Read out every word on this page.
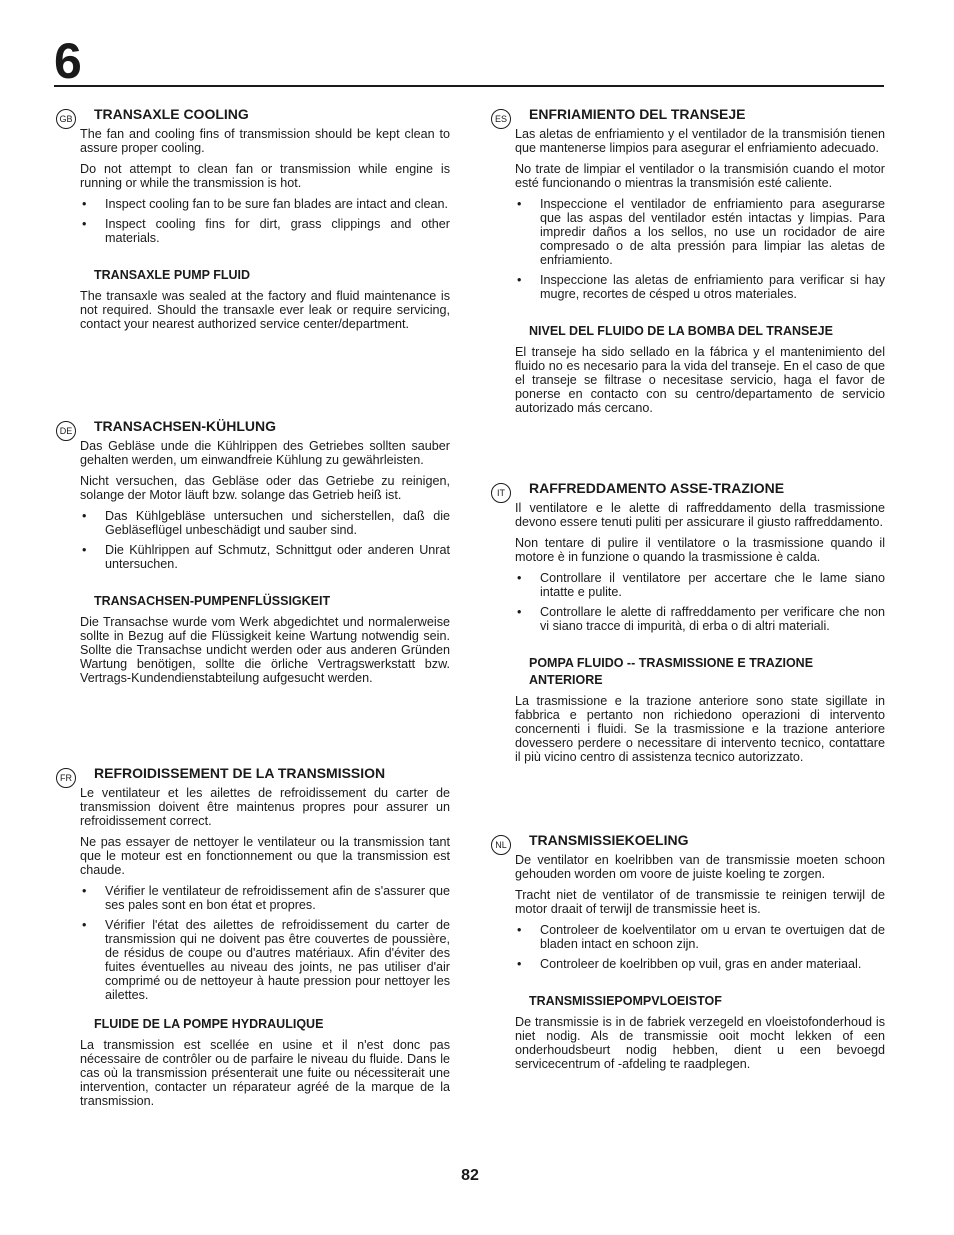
6
GB TRANSAXLE COOLING

The fan and cooling fins of transmission should be kept clean to assure proper cooling.

Do not attempt to clean fan or transmission while engine is running or while the transmission is hot.

• Inspect cooling fan to be sure fan blades are intact and clean.
• Inspect cooling fins for dirt, grass clippings and other materials.
TRANSAXLE PUMP FLUID

The transaxle was sealed at the factory and fluid maintenance is not required. Should the transaxle ever leak or require servicing, contact your nearest authorized service center/department.

DE TRANSACHSEN-KÜHLUNG

Das Gebläse unde die Kühlrippen des Getriebes sollten sauber gehalten werden, um einwandfreie Kühlung zu gewährleisten.

Nicht versuchen, das Gebläse oder das Getriebe zu reinigen, solange der Motor läuft bzw. solange das Getrieb heiß ist.

• Das Kühlgebläse untersuchen und sicherstellen, daß die Gebläseflügel unbeschädigt und sauber sind.
• Die Kühlrippen auf Schmutz, Schnittgut oder anderen Unrat untersuchen.
TRANSACHSEN-PUMPENFLÜSSIGKEIT

Die Transachse wurde vom Werk abgedichtet und normalerweise sollte in Bezug auf die Flüssigkeit keine Wartung notwendig sein. Sollte die Transachse undicht werden oder aus anderen Gründen Wartung benötigen, sollte die örliche Vertragswerkstatt bzw. Vertrags-Kundendienstabteilung aufgesucht werden.

FR REFROIDISSEMENT DE LA TRANSMISSION

Le ventilateur et les ailettes de refroidissement du carter de transmission doivent être maintenus propres pour assurer un refroidissement correct.

Ne pas essayer de nettoyer le ventilateur ou la transmission tant que le moteur est en fonctionnement ou que la transmission est chaude.

• Vérifier le ventilateur de refroidissement afin de s'assurer que ses pales sont en bon état et propres.
• Vérifier l'état des ailettes de refroidissement du carter de transmission qui ne doivent pas être couvertes de poussière, de résidus de coupe ou d'autres matériaux. Afin d'éviter des fuites éventuelles au niveau des joints, ne pas utiliser d'air comprimé ou de nettoyeur à haute pression pour nettoyer les ailettes.
FLUIDE DE LA POMPE HYDRAULIQUE

La transmission est scellée en usine et il n'est donc pas nécessaire de contrôler ou de parfaire le niveau du fluide. Dans le cas où la transmission présenterait une fuite ou nécessiterait une intervention, contacter un réparateur agréé de la marque de la transmission.

ES ENFRIAMIENTO DEL TRANSEJE

Las aletas de enfriamiento y el ventilador de la transmisión tienen que mantenerse limpios para asegurar el enfriamiento adecuado.

No trate de limpiar el ventilador o la transmisión cuando el motor esté funcionando o mientras la transmisión esté caliente.

• Inspeccione el ventilador de enfriamiento para asegurarse que las aspas del ventilador estén intactas y limpias. Para impredir daños a los sellos, no use un rocidador de aire compresado o de alta pressión para limpiar las aletas de enfriamiento.
• Inspeccione las aletas de enfriamiento para verificar si hay mugre, recortes de césped u otros materiales.
NIVEL DEL FLUIDO DE LA BOMBA DEL TRANSEJE

El transeje ha sido sellado en la fábrica y el mantenimiento del fluido no es necesario para la vida del transeje. En el caso de que el transeje se filtrase o necesitase servicio, haga el favor de ponerse en contacto con su centro/departamento de servicio autorizado más cercano.

IT	RAFFREDDAMENTO ASSE-TRAZIONE

Il ventilatore e le alette di raffreddamento della trasmissione devono essere tenuti puliti per assicurare il giusto raffreddamento.

Non tentare di pulire il ventilatore o la trasmissione quando il motore è in funzione o quando la trasmissione è calda.

• Controllare il ventilatore per accertare che le lame siano intatte e pulite.
• Controllare le alette di raffreddamento per verificare che non vi siano tracce di impurità, di erba o di altri materiali.
POMPA FLUIDO -- TRASMISSIONE E TRAZIONE ANTERIORE

La trasmissione e la trazione anteriore sono state sigillate in fabbrica e pertanto non richiedono operazioni di intervento concernenti i fluidi. Se la trasmissione e la trazione anteriore dovessero perdere o necessitare di intervento tecnico, contattare il più vicino centro di assistenza tecnico autorizzato.

NL	TRANSMISSIEKOELING

De ventilator en koelribben van de transmissie moeten schoon gehouden worden om voore de juiste koeling te zorgen.

Tracht niet de ventilator of de transmissie te reinigen terwijl de motor draait of terwijl de transmissie heet is.

• Controleer de koelventilator om u ervan te overtuigen dat de bladen intact en schoon zijn.
• Controleer de koelribben op vuil, gras en ander materiaal.
TRANSMISSIEPOMPVLOEISTOF

De transmissie is in de fabriek verzegeld en vloeistofonderhoud is niet nodig. Als de transmissie ooit mocht lekken of een onderhoudsbeurt nodig hebben, dient u een bevoegd servicecentrum of -afdeling te raadplegen.

82
